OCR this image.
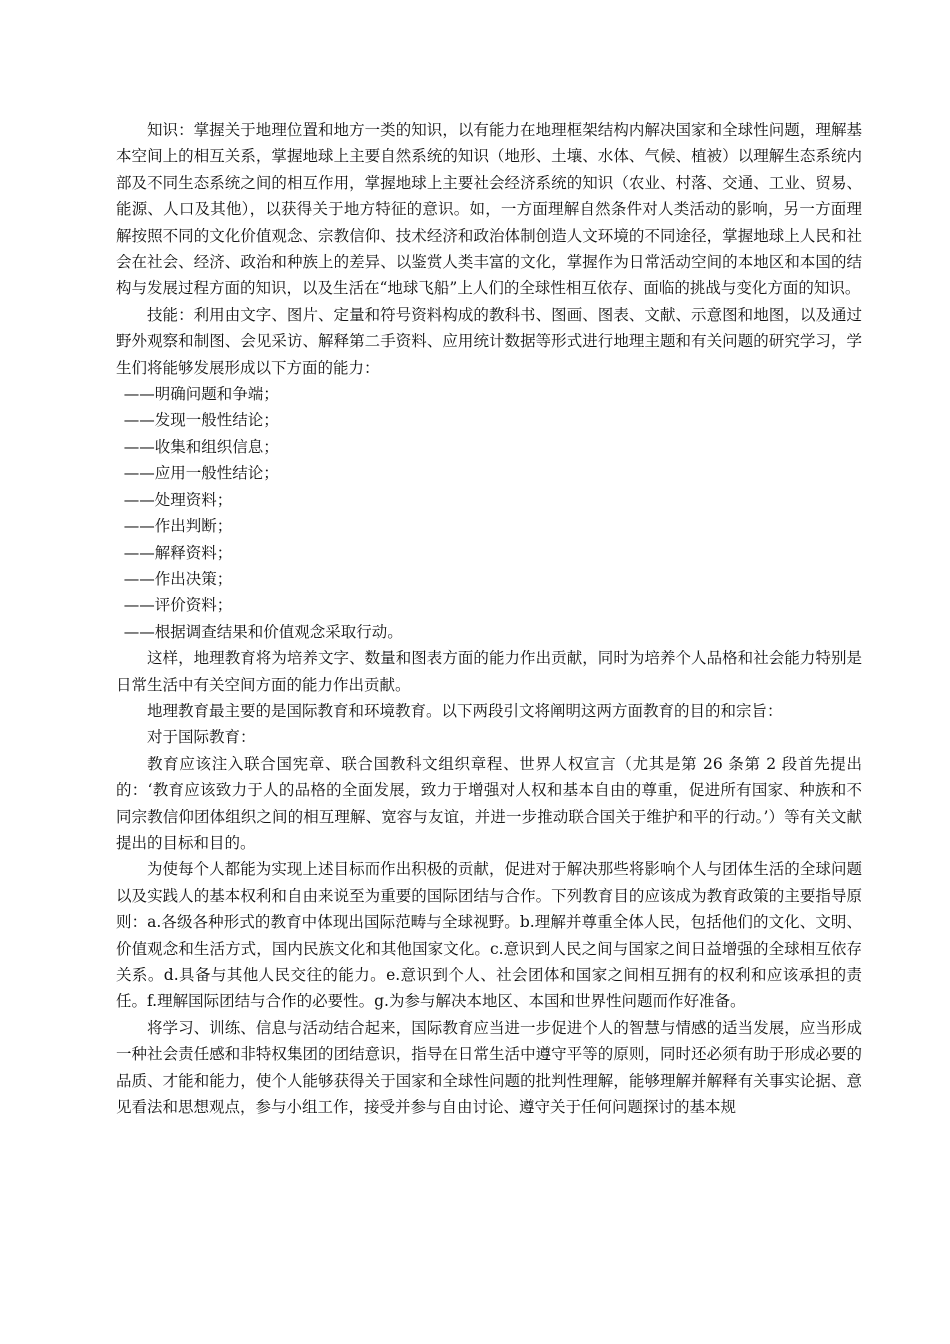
知识：掌握关于地理位置和地方一类的知识，以有能力在地理框架结构内解决国家和全球性问题，理解基本空间上的相互关系，掌握地球上主要自然系统的知识（地形、土壤、水体、气候、植被）以理解生态系统内部及不同生态系统之间的相互作用，掌握地球上主要社会经济系统的知识（农业、村落、交通、工业、贸易、能源、人口及其他），以获得关于地方特征的意识。如，一方面理解自然条件对人类活动的影响，另一方面理解按照不同的文化价值观念、宗教信仰、技术经济和政治体制创造人文环境的不同途径，掌握地球上人民和社会在社会、经济、政治和种族上的差异、以鉴赏人类丰富的文化，掌握作为日常活动空间的本地区和本国的结构与发展过程方面的知识，以及生活在“地球飞船”上人们的全球性相互依存、面临的挑战与变化方面的知识。

技能：利用由文字、图片、定量和符号资料构成的教科书、图画、图表、文献、示意图和地图，以及通过野外观察和制图、会见采访、解释第二手资料、应用统计数据等形式进行地理主题和有关问题的研究学习，学生们将能够发展形成以下方面的能力：

——明确问题和争端；
——发现一般性结论；
——收集和组织信息；
——应用一般性结论；
——处理资料；
——作出判断；
——解释资料；
——作出决策；
——评价资料；
——根据调查结果和价值观念采取行动。

这样，地理教育将为培养文字、数量和图表方面的能力作出贡献，同时为培养个人品格和社会能力特别是日常生活中有关空间方面的能力作出贡献。

地理教育最主要的是国际教育和环境教育。以下两段引文将阐明这两方面教育的目的和宗旨：

对于国际教育：

教育应该注入联合国宪章、联合国教科文组织章程、世界人权宣言（尤其是第 26 条第 2 段首先提出的：‘教育应该致力于人的品格的全面发展，致力于增强对人权和基本自由的尊重，促进所有国家、种族和不同宗教信仰团体组织之间的相互理解、宽容与友谊，并进一步推动联合国关于维护和平的行动。’）等有关文献提出的目标和目的。

为使每个人都能为实现上述目标而作出积极的贡献，促进对于解决那些将影响个人与团体生活的全球问题以及实践人的基本权利和自由来说至为重要的国际团结与合作。下列教育目的应该成为教育政策的主要指导原则：a.各级各种形式的教育中体现出国际范畴与全球视野。b.理解并尊重全体人民，包括他们的文化、文明、价值观念和生活方式，国内民族文化和其他国家文化。c.意识到人民之间与国家之间日益增强的全球相互依存关系。d.具备与其他人民交往的能力。e.意识到个人、社会团体和国家之间相互拥有的权利和应该承担的责任。f.理解国际团结与合作的必要性。g.为参与解决本地区、本国和世界性问题而作好准备。

将学习、训练、信息与活动结合起来，国际教育应当进一步促进个人的智慧与情感的适当发展，应当形成一种社会责任感和非特权集团的团结意识，指导在日常生活中遵守平等的原则，同时还必须有助于形成必要的品质、才能和能力，使个人能够获得关于国家和全球性问题的批判性理解，能够理解并解释有关事实论据、意见看法和思想观点，参与小组工作，接受并参与自由讨论、遵守关于任何问题探讨的基本规
